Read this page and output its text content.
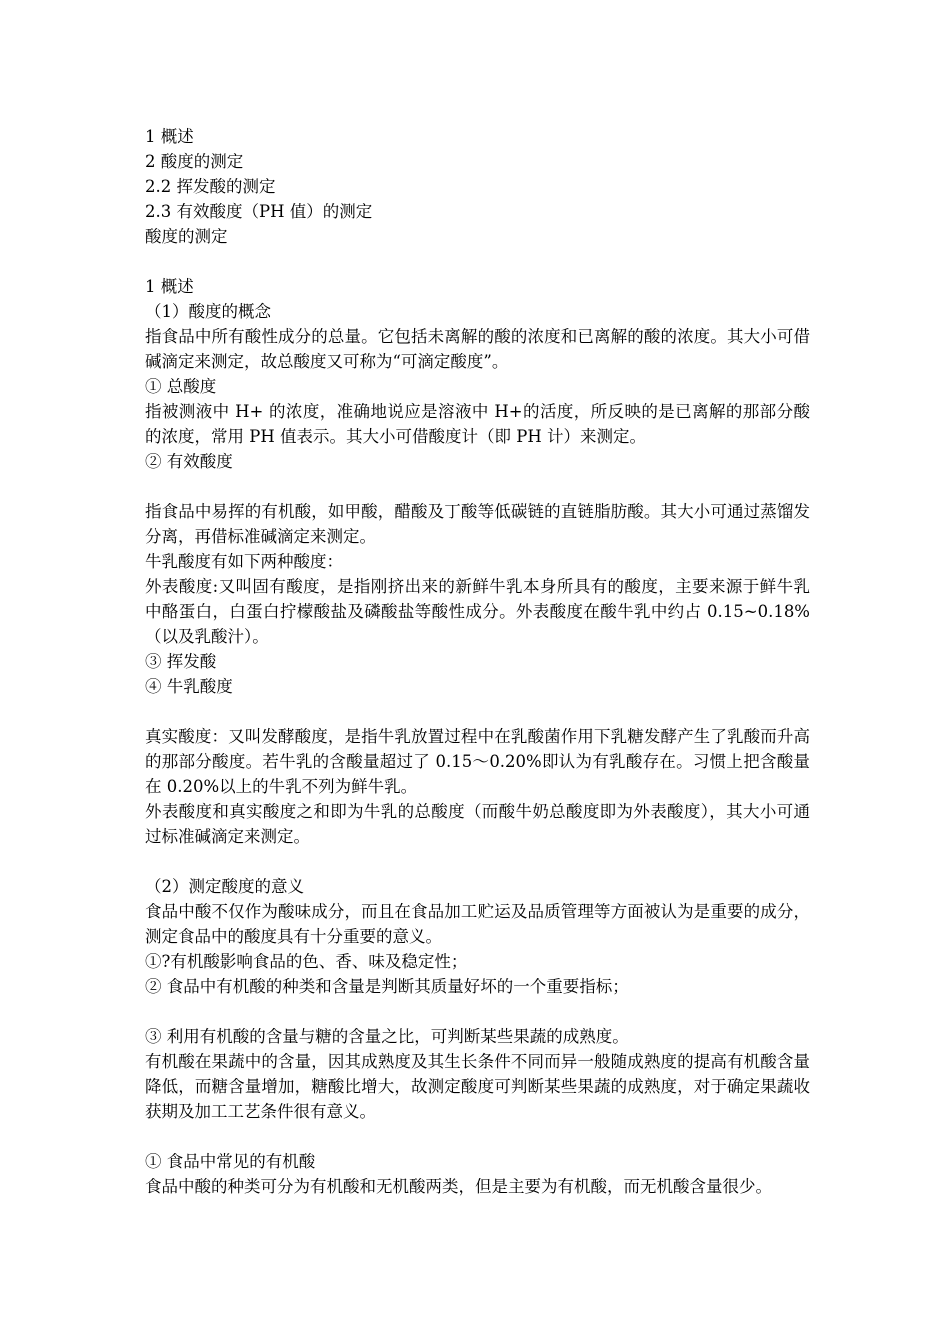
1 概述

2 酸度的测定

2.2 挥发酸的测定

2.3 有效酸度（PH 值）的测定

酸度的测定

1 概述

（1）酸度的概念

指食品中所有酸性成分的总量。它包括未离解的酸的浓度和已离解的酸的浓度。其大小可借碱滴定来测定，故总酸度又可称为“可滴定酸度”。

① 总酸度

指被测液中 H+ 的浓度，准确地说应是溶液中 H+的活度，所反映的是已离解的那部分酸的浓度，常用 PH 值表示。其大小可借酸度计（即 PH 计）来测定。

② 有效酸度

指食品中易挥的有机酸，如甲酸，醋酸及丁酸等低碳链的直链脂肪酸。其大小可通过蒸馏发分离，再借标准碱滴定来测定。

牛乳酸度有如下两种酸度：

外表酸度:又叫固有酸度，是指刚挤出来的新鲜牛乳本身所具有的酸度，主要来源于鲜牛乳中酪蛋白，白蛋白拧檬酸盐及磷酸盐等酸性成分。外表酸度在酸牛乳中约占 0.15~0.18%（以及乳酸汁）。

③ 挥发酸

④ 牛乳酸度

真实酸度：又叫发酵酸度，是指牛乳放置过程中在乳酸菌作用下乳糖发酵产生了乳酸而升高的那部分酸度。若牛乳的含酸量超过了 0.15～0.20%即认为有乳酸存在。习惯上把含酸量在 0.20%以上的牛乳不列为鲜牛乳。

外表酸度和真实酸度之和即为牛乳的总酸度（而酸牛奶总酸度即为外表酸度），其大小可通过标准碱滴定来测定。

（2）测定酸度的意义

食品中酸不仅作为酸味成分，而且在食品加工贮运及品质管理等方面被认为是重要的成分，测定食品中的酸度具有十分重要的意义。

①?有机酸影响食品的色、香、味及稳定性；

② 食品中有机酸的种类和含量是判断其质量好坏的一个重要指标；

③ 利用有机酸的含量与糖的含量之比，可判断某些果蔬的成熟度。

有机酸在果蔬中的含量，因其成熟度及其生长条件不同而异一般随成熟度的提高有机酸含量降低，而糖含量增加，糖酸比增大，故测定酸度可判断某些果蔬的成熟度，对于确定果蔬收获期及加工工艺条件很有意义。

① 食品中常见的有机酸

食品中酸的种类可分为有机酸和无机酸两类，但是主要为有机酸，而无机酸含量很少。
